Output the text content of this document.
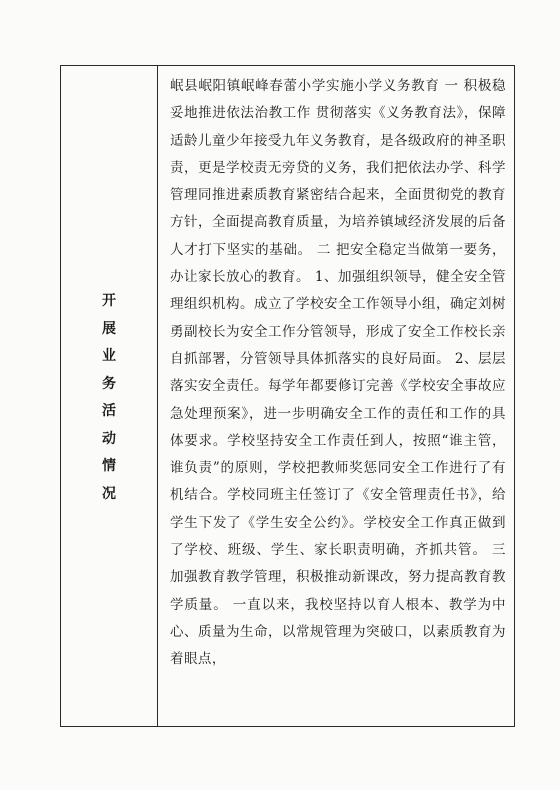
开
展
业
务
活
动
情
况

岷县岷阳镇岷峰春蕾小学实施小学义务教育 一 积极稳妥地推进依法治教工作 贯彻落实《义务教育法》，保障适龄儿童少年接受九年义务教育，是各级政府的神圣职责，更是学校责无旁贷的义务，我们把依法办学、科学管理同推进素质教育紧密结合起来，全面贯彻党的教育方针，全面提高教育质量，为培养镇域经济发展的后备人才打下坚实的基础。 二 把安全稳定当做第一要务，办让家长放心的教育。 1、加强组织领导，健全安全管理组织机构。成立了学校安全工作领导小组，确定刘树勇副校长为安全工作分管领导，形成了安全工作校长亲自抓部署，分管领导具体抓落实的良好局面。 2、层层落实安全责任。每学年都要修订完善《学校安全事故应急处理预案》，进一步明确安全工作的责任和工作的具体要求。学校坚持安全工作责任到人，按照“谁主管，谁负责”的原则，学校把教师奖惩同安全工作进行了有机结合。学校同班主任签订了《安全管理责任书》，给学生下发了《学生安全公约》。学校安全工作真正做到了学校、班级、学生、家长职责明确，齐抓共管。 三 加强教育教学管理，积极推动新课改，努力提高教育教学质量。 一直以来，我校坚持以育人根本、教学为中心、质量为生命，以常规管理为突破口，以素质教育为着眼点，
